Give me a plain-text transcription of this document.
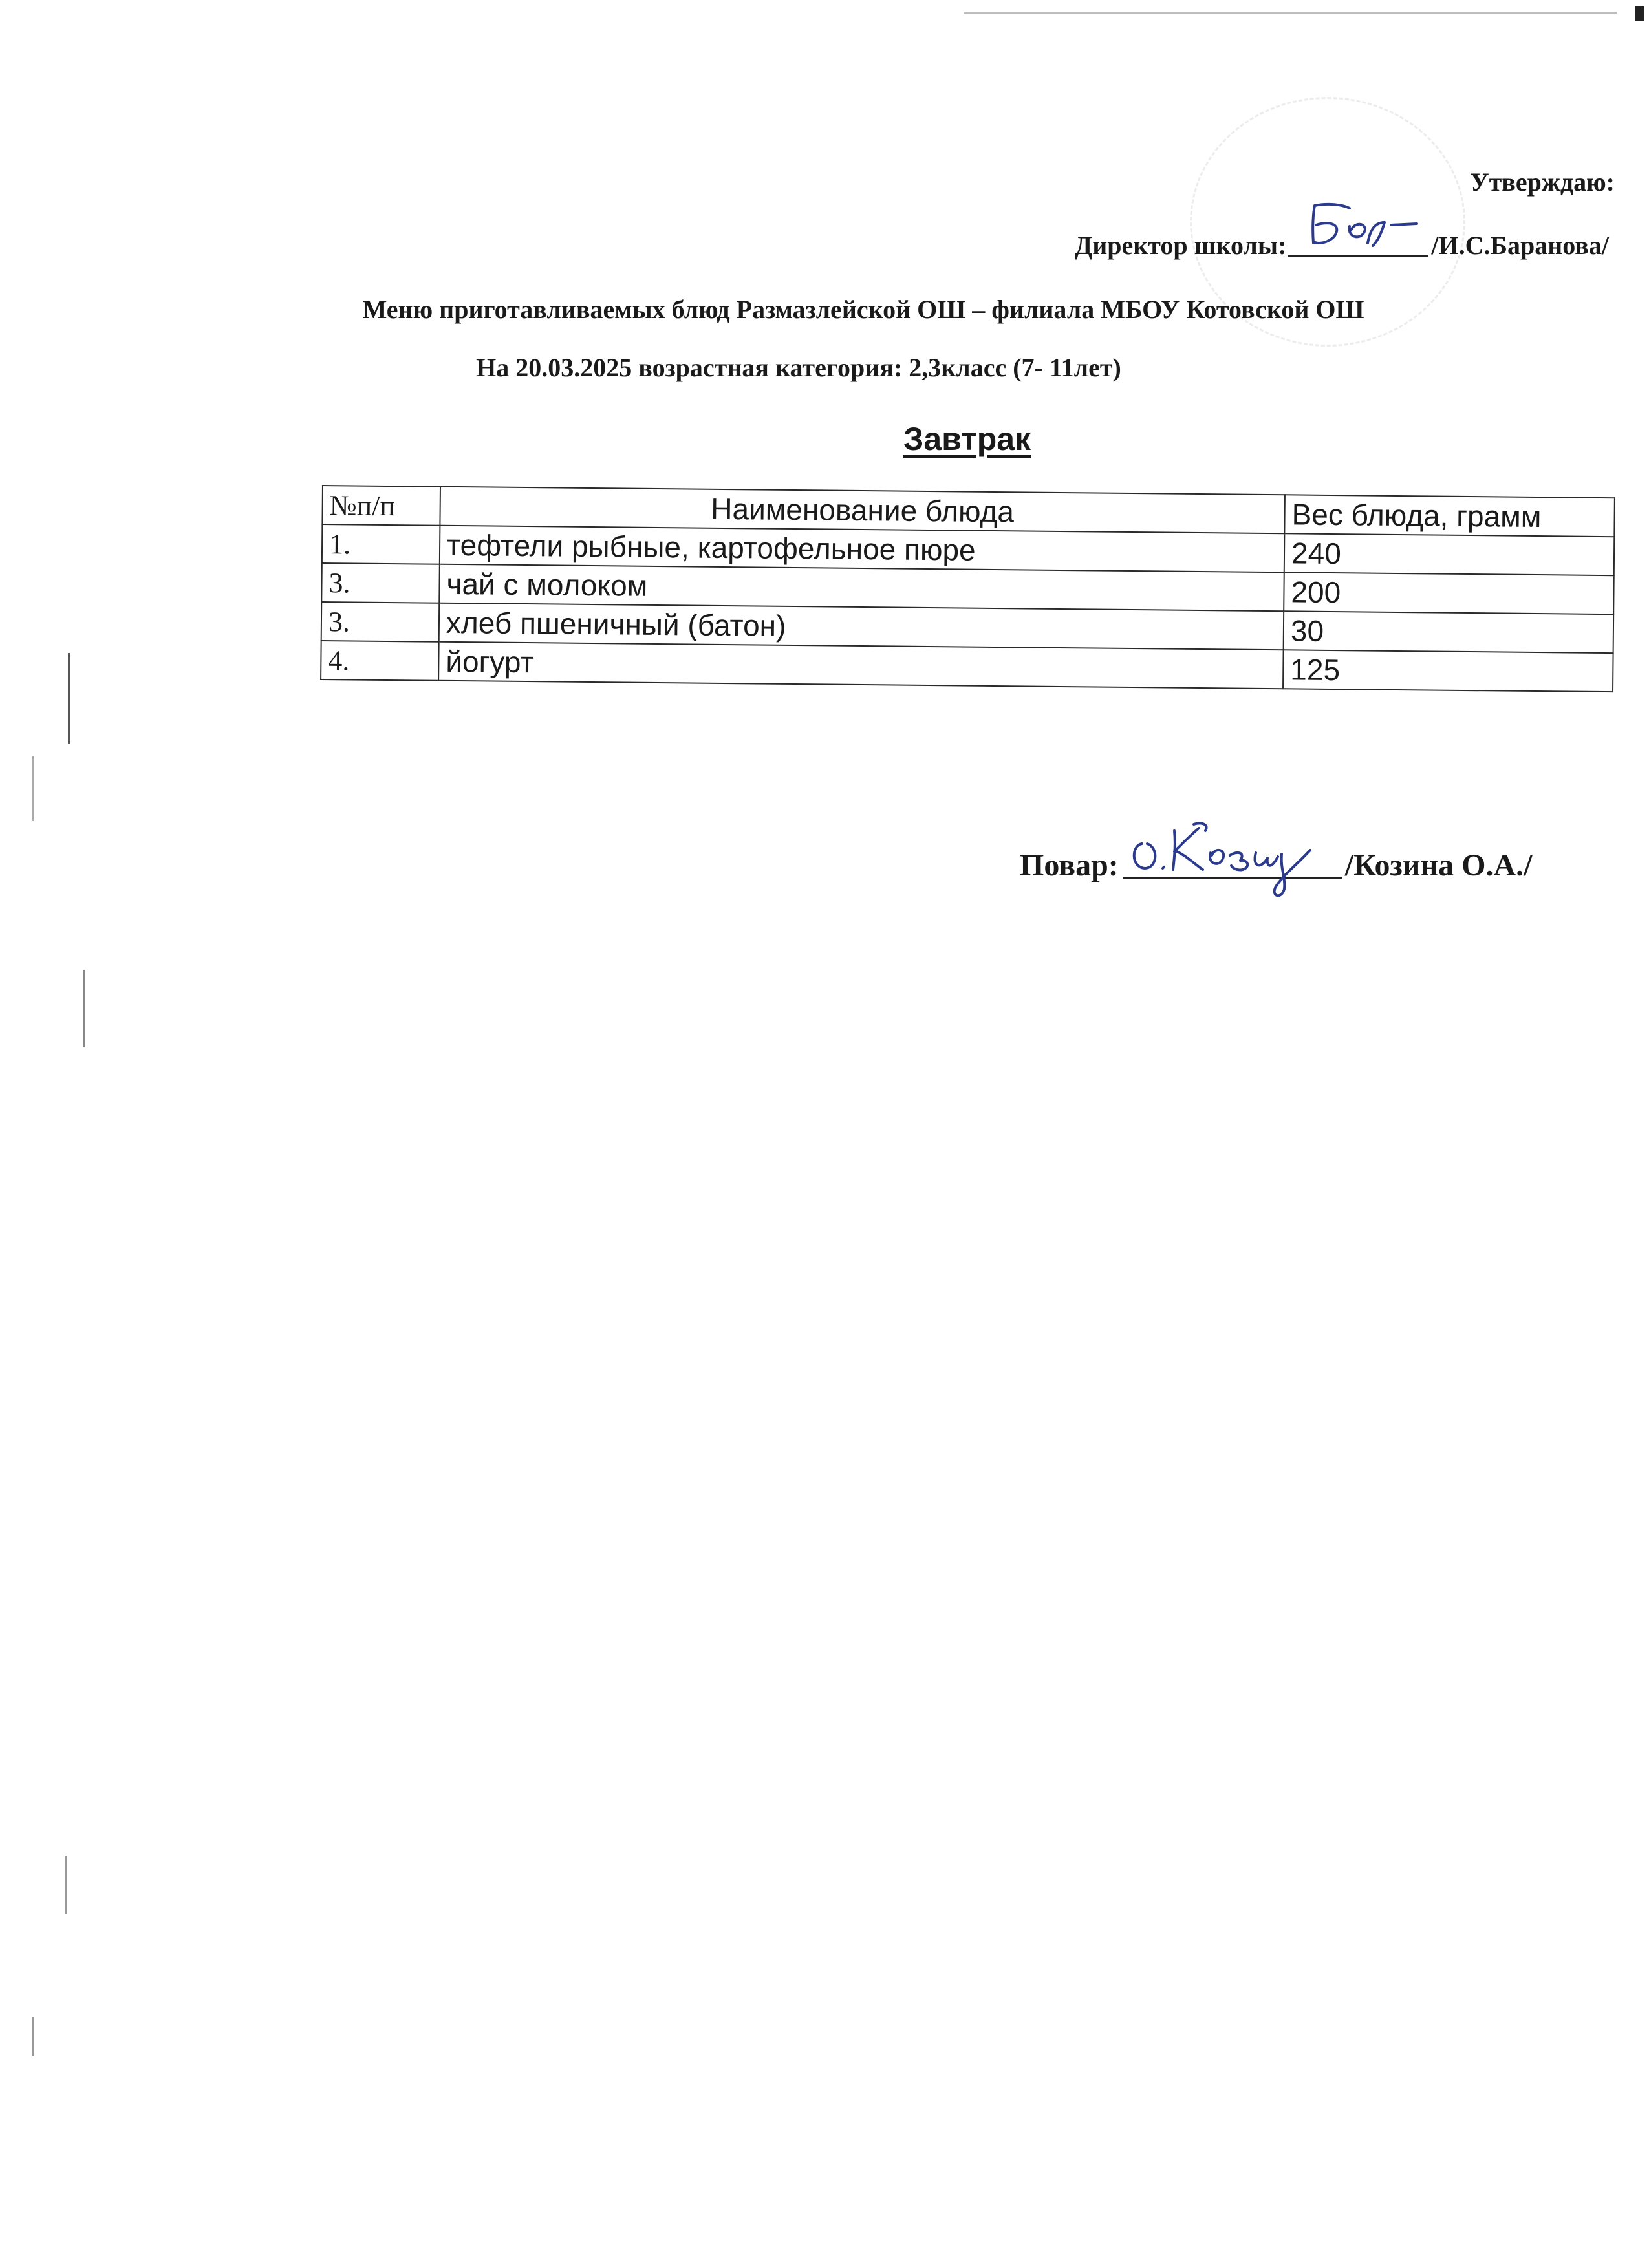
Утверждаю:
Директор школы:	/И.С.Баранова/
Меню приготавливаемых блюд Размазлейской ОШ – филиала МБОУ Котовской ОШ
На 20.03.2025 возрастная категория: 2,3класс (7- 11лет)
Завтрак
№п/п	Наименование блюда	Вес блюда, грамм
1.	тефтели рыбные, картофельное пюре	240
3.	чай с молоком	200
3.	хлеб пшеничный (батон)	30
4.	йогурт	125
Повар:	/Козина О.А./
